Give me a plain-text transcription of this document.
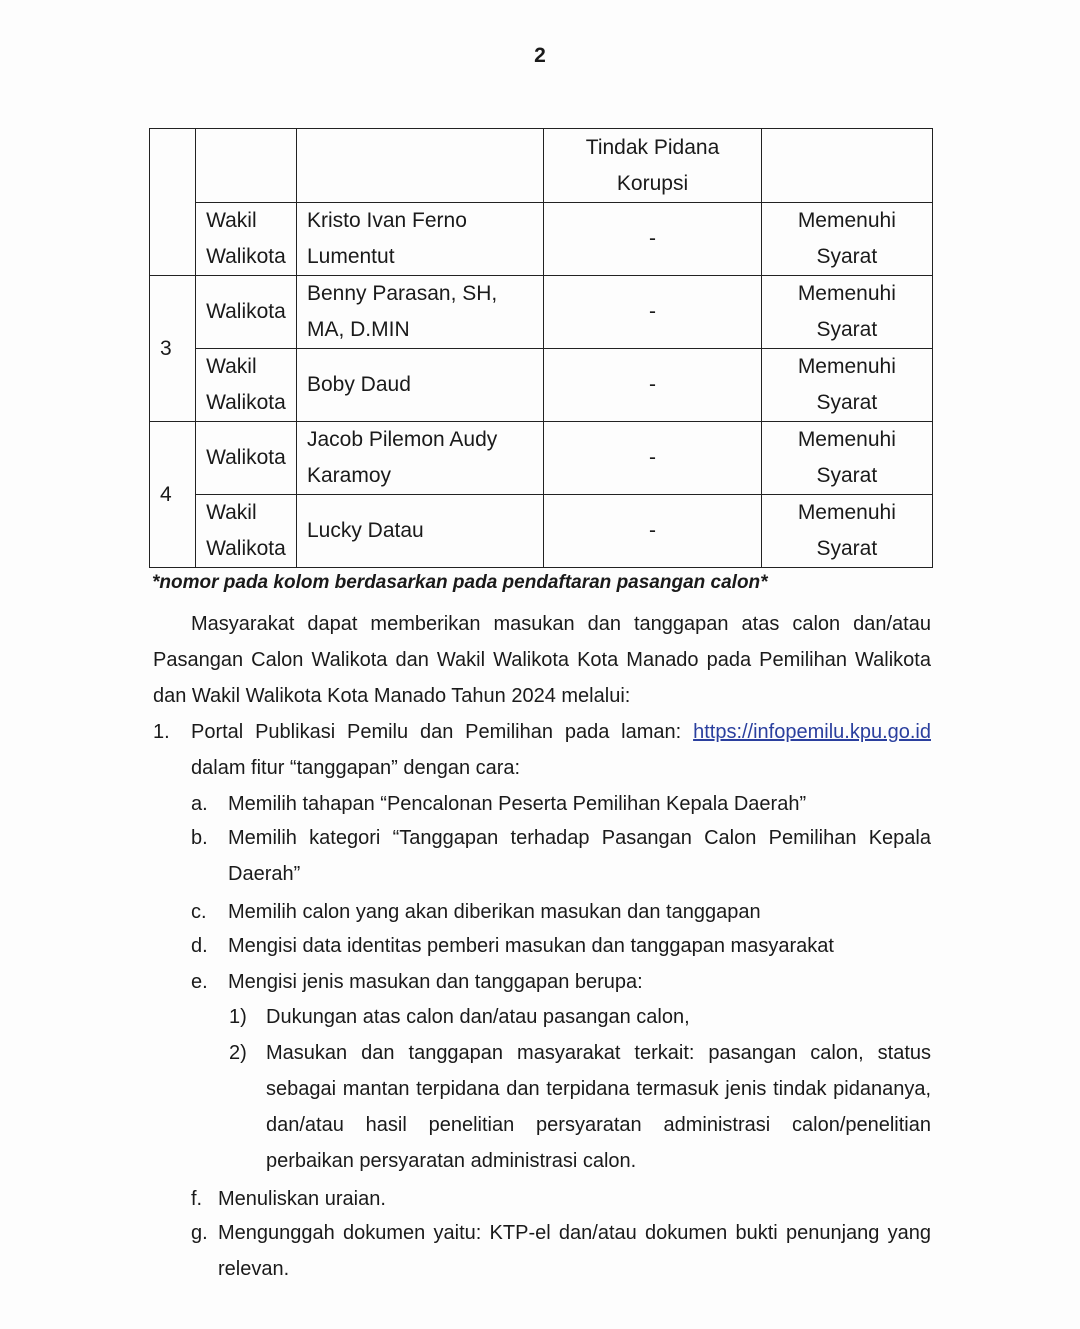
2
			Tindak Pidana Korupsi	
	Wakil Walikota	Kristo Ivan Ferno Lumentut	-	Memenuhi Syarat
3	Walikota	Benny Parasan, SH, MA, D.MIN	-	Memenuhi Syarat
	Wakil Walikota	Boby Daud	-	Memenuhi Syarat
4	Walikota	Jacob Pilemon Audy Karamoy	-	Memenuhi Syarat
	Wakil Walikota	Lucky Datau	-	Memenuhi Syarat
*nomor pada kolom berdasarkan pada pendaftaran pasangan calon*
Masyarakat dapat memberikan masukan dan tanggapan atas calon dan/atau Pasangan Calon Walikota dan Wakil Walikota Kota Manado pada Pemilihan Walikota dan Wakil Walikota Kota Manado Tahun 2024 melalui:
1. Portal Publikasi Pemilu dan Pemilihan pada laman: https://infopemilu.kpu.go.id
dalam fitur “tanggapan” dengan cara:
a. Memilih tahapan “Pencalonan Peserta Pemilihan Kepala Daerah”
b. Memilih kategori “Tanggapan terhadap Pasangan Calon Pemilihan Kepala Daerah”
c. Memilih calon yang akan diberikan masukan dan tanggapan
d. Mengisi data identitas pemberi masukan dan tanggapan masyarakat
e. Mengisi jenis masukan dan tanggapan berupa:
1) Dukungan atas calon dan/atau pasangan calon,
2) Masukan dan tanggapan masyarakat terkait: pasangan calon, status sebagai mantan terpidana dan terpidana termasuk jenis tindak pidananya, dan/atau hasil penelitian persyaratan administrasi calon/penelitian perbaikan persyaratan administrasi calon.
f. Menuliskan uraian.
g. Mengunggah dokumen yaitu: KTP-el dan/atau dokumen bukti penunjang yang relevan.
